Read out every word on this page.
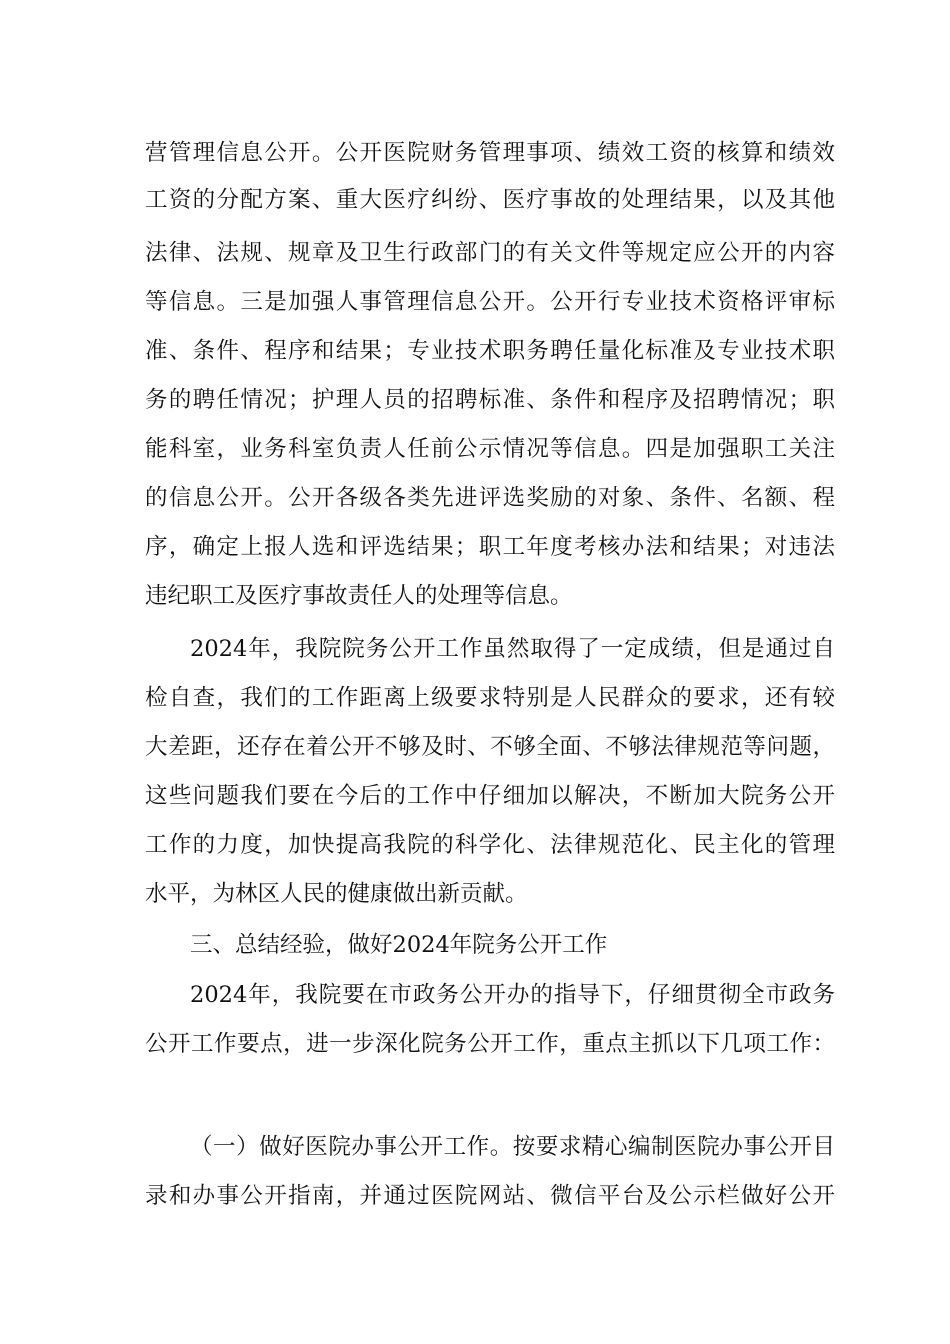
营管理信息公开。公开医院财务管理事项、绩效工资的核算和绩效
工资的分配方案、重大医疗纠纷、医疗事故的处理结果，以及其他
法律、法规、规章及卫生行政部门的有关文件等规定应公开的内容
等信息。三是加强人事管理信息公开。公开行专业技术资格评审标
准、条件、程序和结果；专业技术职务聘任量化标准及专业技术职
务的聘任情况；护理人员的招聘标准、条件和程序及招聘情况；职
能科室，业务科室负责人任前公示情况等信息。四是加强职工关注
的信息公开。公开各级各类先进评选奖励的对象、条件、名额、程
序，确定上报人选和评选结果；职工年度考核办法和结果；对违法
违纪职工及医疗事故责任人的处理等信息。
2024年，我院院务公开工作虽然取得了一定成绩，但是通过自
检自查，我们的工作距离上级要求特别是人民群众的要求，还有较
大差距，还存在着公开不够及时、不够全面、不够法律规范等问题，
这些问题我们要在今后的工作中仔细加以解决，不断加大院务公开
工作的力度，加快提高我院的科学化、法律规范化、民主化的管理
水平，为林区人民的健康做出新贡献。
三、总结经验，做好2024年院务公开工作
2024年，我院要在市政务公开办的指导下，仔细贯彻全市政务
公开工作要点，进一步深化院务公开工作，重点主抓以下几项工作：
（一）做好医院办事公开工作。按要求精心编制医院办事公开目
录和办事公开指南，并通过医院网站、微信平台及公示栏做好公开
